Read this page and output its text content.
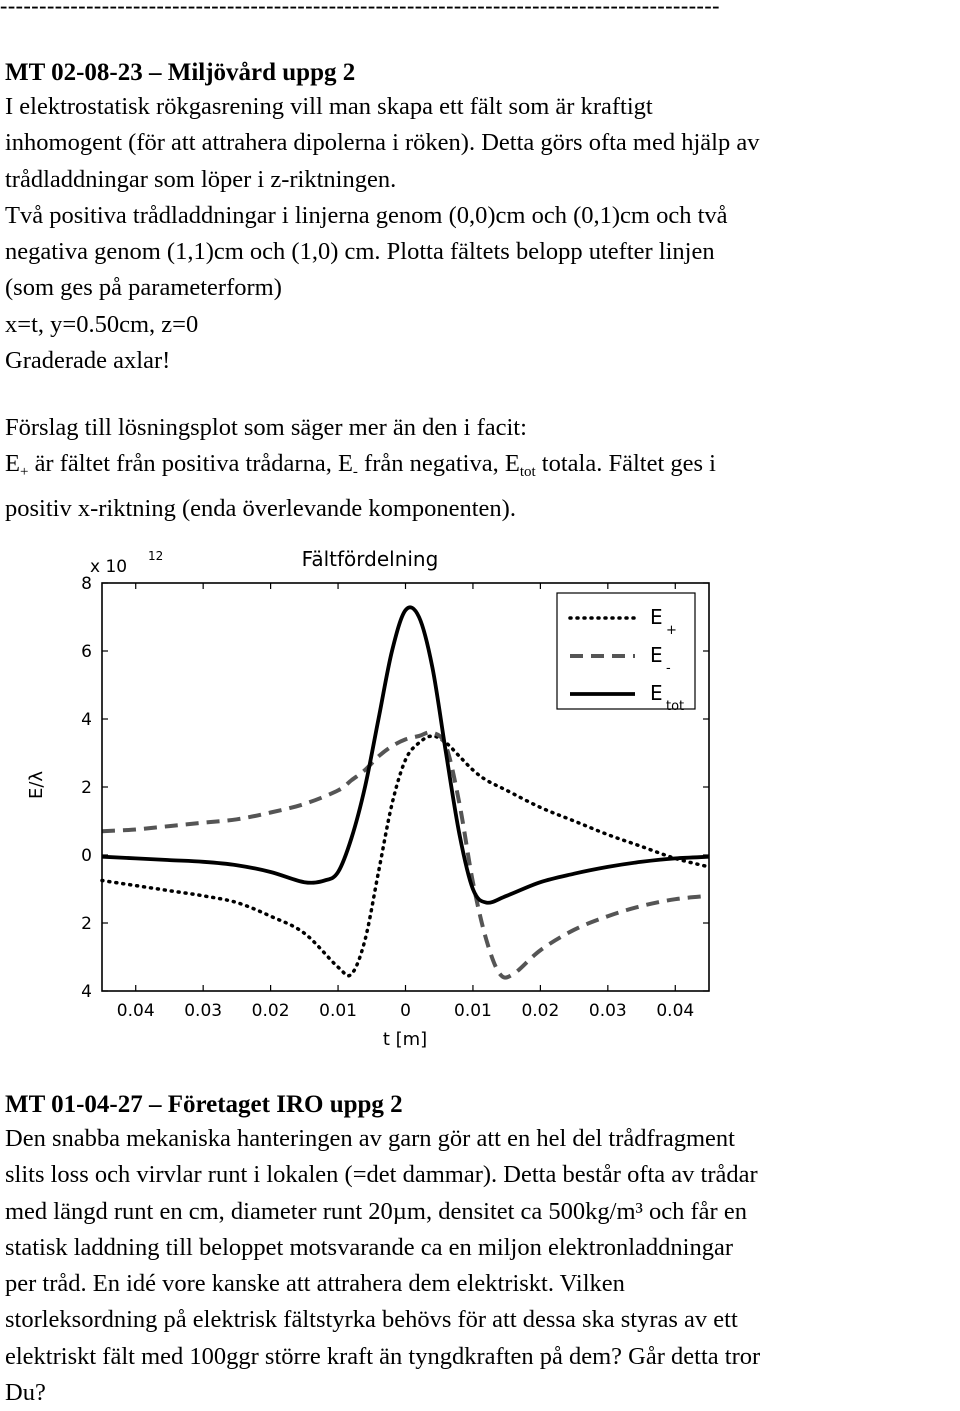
--------------------------------------------------------------------------------------------
MT 02-08-23 – Miljövård uppg 2
I elektrostatisk rökgasrening vill man skapa ett fält som är kraftigt
inhomogent (för att attrahera dipolerna i röken). Detta görs ofta med hjälp av
trådladdningar som löper i z-riktningen.
Två positiva trådladdningar i linjerna genom (0,0)cm och (0,1)cm och två
negativa genom (1,1)cm och (1,0) cm. Plotta fältets belopp utefter linjen
(som ges på parameterform)
x=t, y=0.50cm, z=0
Graderade axlar!
Förslag till lösningsplot som säger mer än den i facit:
$E_+$ är fältet från positiva trådarna, $E_-$ från negativa, $E_{tot}$ totala. Fältet ges i
positiv x-riktning (enda överlevande komponenten).
Fältfördelning
x 10
12
E/λ
t [m]
0.04 0.03 0.02 0.01	0	0.01 0.02 0.03 0.04
8
6
4
2
0
2
4
E
+
E
-
E
tot
MT 01-04-27 – Företaget IRO uppg 2
Den snabba mekaniska hanteringen av garn gör att en hel del trådfragment
slits loss och virvlar runt i lokalen (=det dammar). Detta består ofta av trådar
med längd runt en cm, diameter runt 20µm, densitet ca 500kg/m³ och får en
statisk laddning till beloppet motsvarande ca en miljon elektronladdningar
per tråd. En idé vore kanske att attrahera dem elektriskt. Vilken
storleksordning på elektrisk fältstyrka behövs för att dessa ska styras av ett
elektriskt fält med 100ggr större kraft än tyngdkraften på dem? Går detta tror
Du?
